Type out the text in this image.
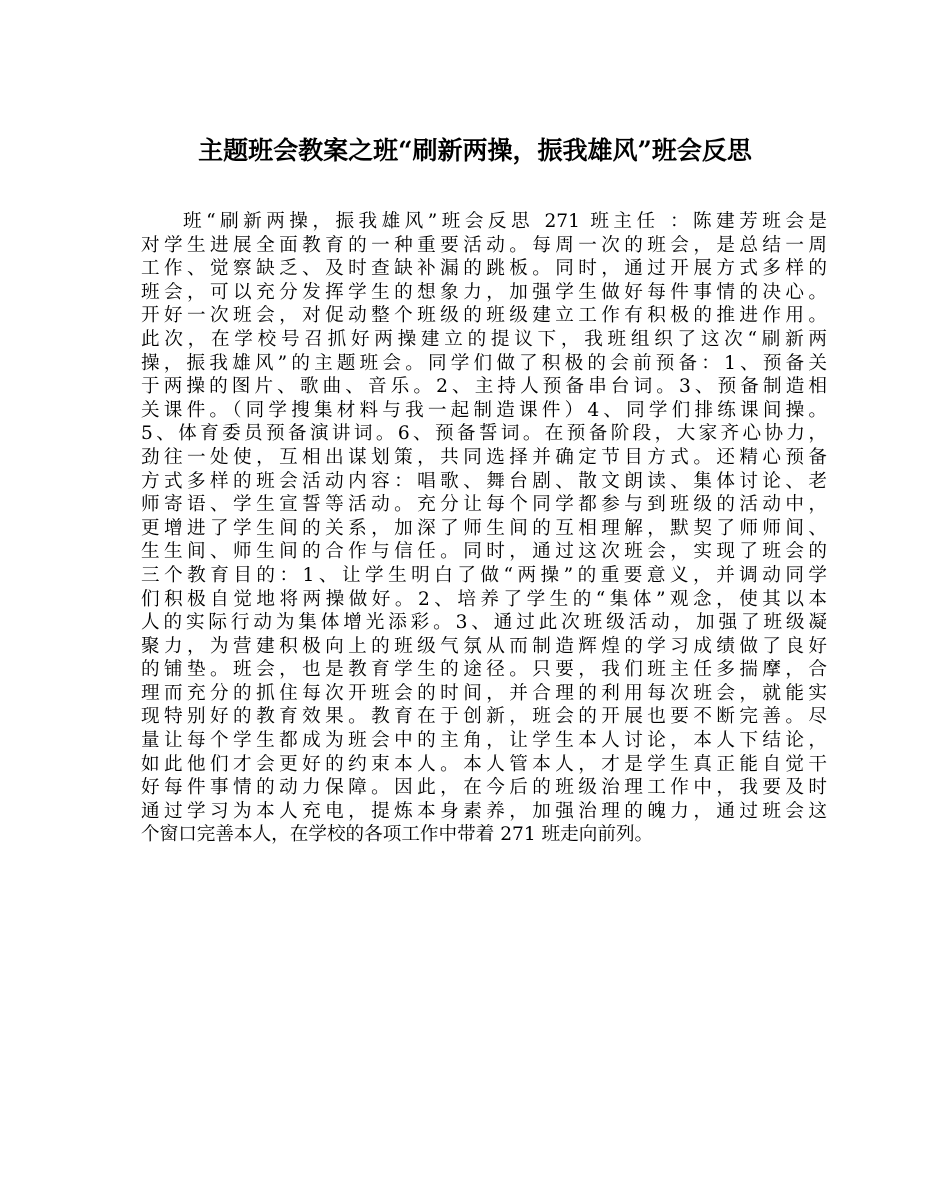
主题班会教案之班“刷新两操，振我雄风”班会反思
班“刷新两操，振我雄风”班会反思 271 班主任 ：陈建芳班会是
对学生进展全面教育的一种重要活动。每周一次的班会，是总结一周
工作、觉察缺乏、及时查缺补漏的跳板。同时，通过开展方式多样的
班会，可以充分发挥学生的想象力，加强学生做好每件事情的决心。
开好一次班会，对促动整个班级的班级建立工作有积极的推进作用。
此次，在学校号召抓好两操建立的提议下，我班组织了这次“刷新两
操，振我雄风”的主题班会。同学们做了积极的会前预备：1、预备关
于两操的图片、歌曲、音乐。2、主持人预备串台词。3、预备制造相
关课件。（同学搜集材料与我一起制造课件）4、同学们排练课间操。
5、体育委员预备演讲词。6、预备誓词。在预备阶段，大家齐心协力，
劲往一处使，互相出谋划策，共同选择并确定节目方式。还精心预备
方式多样的班会活动内容：唱歌、舞台剧、散文朗读、集体讨论、老
师寄语、学生宣誓等活动。充分让每个同学都参与到班级的活动中，
更增进了学生间的关系，加深了师生间的互相理解，默契了师师间、
生生间、师生间的合作与信任。同时，通过这次班会，实现了班会的
三个教育目的：1、让学生明白了做“两操”的重要意义，并调动同学
们积极自觉地将两操做好。2、培养了学生的“集体”观念，使其以本
人的实际行动为集体增光添彩。3、通过此次班级活动，加强了班级凝
聚力，为营建积极向上的班级气氛从而制造辉煌的学习成绩做了良好
的铺垫。班会，也是教育学生的途径。只要，我们班主任多揣摩，合
理而充分的抓住每次开班会的时间，并合理的利用每次班会，就能实
现特别好的教育效果。教育在于创新，班会的开展也要不断完善。尽
量让每个学生都成为班会中的主角，让学生本人讨论，本人下结论，
如此他们才会更好的约束本人。本人管本人，才是学生真正能自觉干
好每件事情的动力保障。因此，在今后的班级治理工作中，我要及时
通过学习为本人充电，提炼本身素养，加强治理的魄力，通过班会这
个窗口完善本人，在学校的各项工作中带着 271 班走向前列。
